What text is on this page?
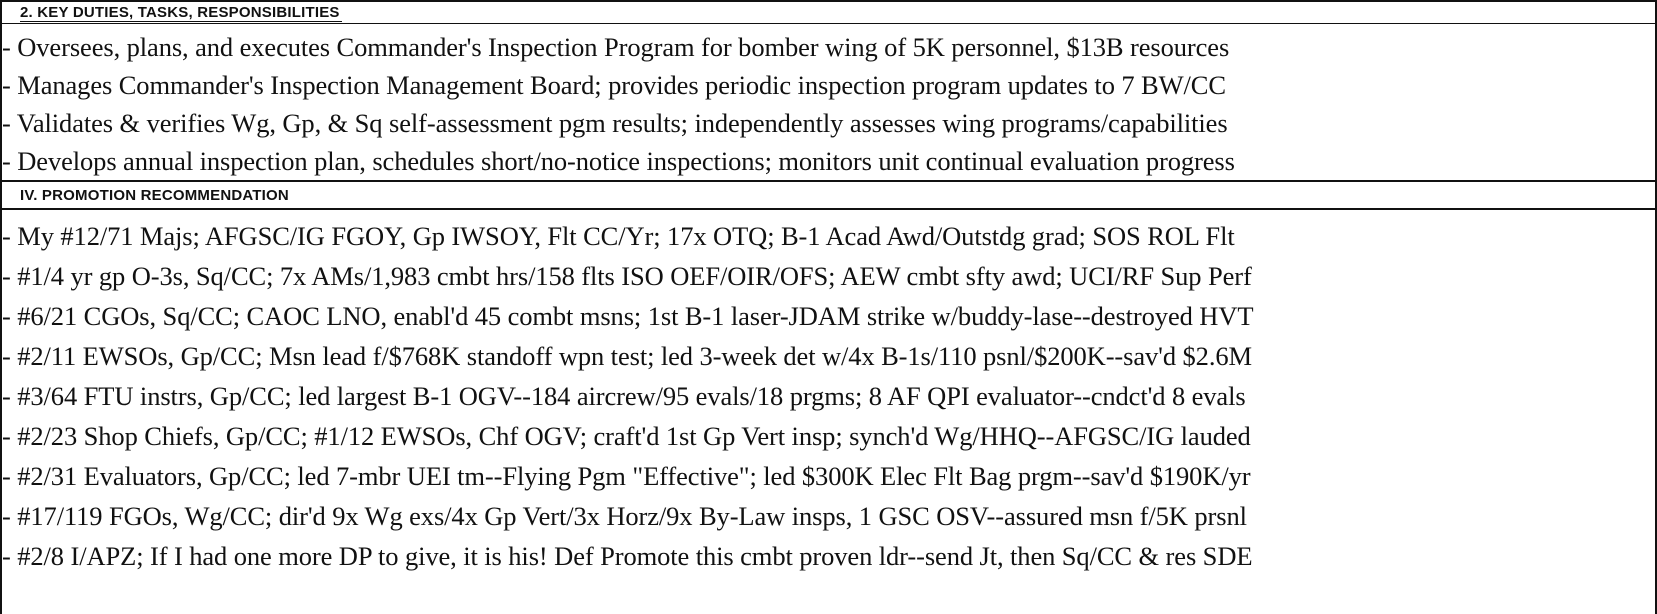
2. KEY DUTIES, TASKS, RESPONSIBILITIES
- Oversees, plans, and executes Commander's Inspection Program for bomber wing of 5K personnel, $13B resources
- Manages Commander's Inspection Management Board; provides periodic inspection program updates to 7 BW/CC
- Validates & verifies Wg, Gp, & Sq self-assessment pgm results; independently assesses wing programs/capabilities
- Develops annual inspection plan, schedules short/no-notice inspections; monitors unit continual evaluation progress
IV. PROMOTION RECOMMENDATION
- My #12/71 Majs; AFGSC/IG FGOY, Gp IWSOY, Flt CC/Yr; 17x OTQ; B-1 Acad Awd/Outstdg grad; SOS ROL Flt
- #1/4 yr gp O-3s, Sq/CC; 7x AMs/1,983 cmbt hrs/158 flts ISO OEF/OIR/OFS; AEW cmbt sfty awd; UCI/RF Sup Perf
- #6/21 CGOs, Sq/CC; CAOC LNO, enabl'd 45 combt msns; 1st B-1 laser-JDAM strike w/buddy-lase--destroyed HVT
- #2/11 EWSOs, Gp/CC; Msn lead f/$768K standoff wpn test; led 3-week det w/4x B-1s/110 psnl/$200K--sav'd $2.6M
- #3/64 FTU instrs, Gp/CC; led largest B-1 OGV--184 aircrew/95 evals/18 prgms; 8 AF QPI evaluator--cndct'd 8 evals
- #2/23 Shop Chiefs, Gp/CC; #1/12 EWSOs, Chf OGV; craft'd 1st Gp Vert insp; synch'd Wg/HHQ--AFGSC/IG lauded
- #2/31 Evaluators, Gp/CC; led 7-mbr UEI tm--Flying Pgm "Effective"; led $300K Elec Flt Bag prgm--sav'd $190K/yr
- #17/119 FGOs, Wg/CC; dir'd 9x Wg exs/4x Gp Vert/3x Horz/9x By-Law insps, 1 GSC OSV--assured msn f/5K prsnl
- #2/8 I/APZ; If I had one more DP to give, it is his! Def Promote this cmbt proven ldr--send Jt, then Sq/CC & res SDE
